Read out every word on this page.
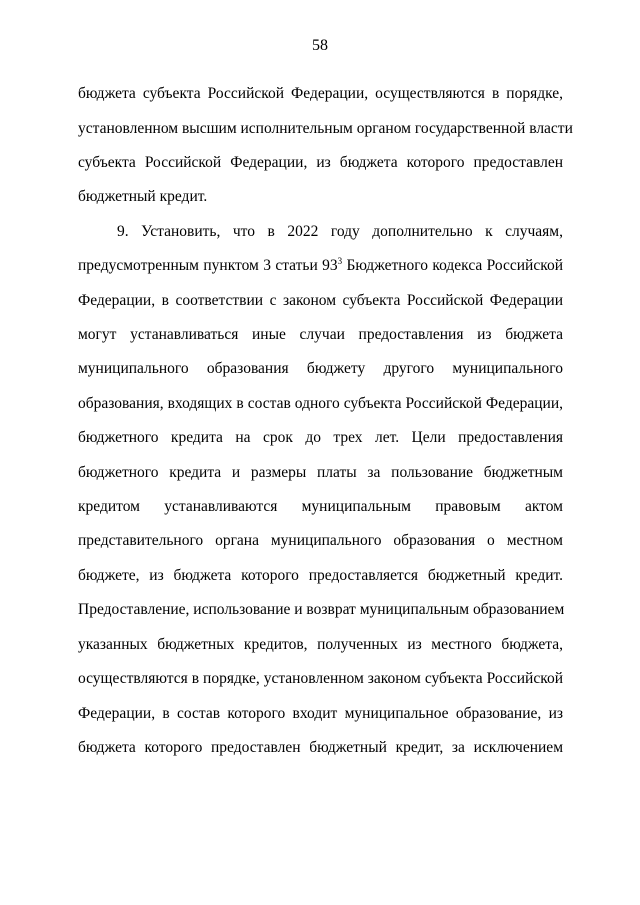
58
бюджета субъекта Российской Федерации, осуществляются в порядке,
установленном высшим исполнительным органом государственной власти
субъекта Российской Федерации, из бюджета которого предоставлен
бюджетный кредит.
9. Установить, что в 2022 году дополнительно к случаям,
предусмотренным пунктом 3 статьи $93^3$ Бюджетного кодекса Российской
Федерации, в соответствии с законом субъекта Российской Федерации
могут устанавливаться иные случаи предоставления из бюджета
муниципального образования бюджету другого муниципального
образования, входящих в состав одного субъекта Российской Федерации,
бюджетного кредита на срок до трех лет. Цели предоставления
бюджетного кредита и размеры платы за пользование бюджетным
кредитом устанавливаются муниципальным правовым актом
представительного органа муниципального образования о местном
бюджете, из бюджета которого предоставляется бюджетный кредит.
Предоставление, использование и возврат муниципальным образованием
указанных бюджетных кредитов, полученных из местного бюджета,
осуществляются в порядке, установленном законом субъекта Российской
Федерации, в состав которого входит муниципальное образование, из
бюджета которого предоставлен бюджетный кредит, за исключением
